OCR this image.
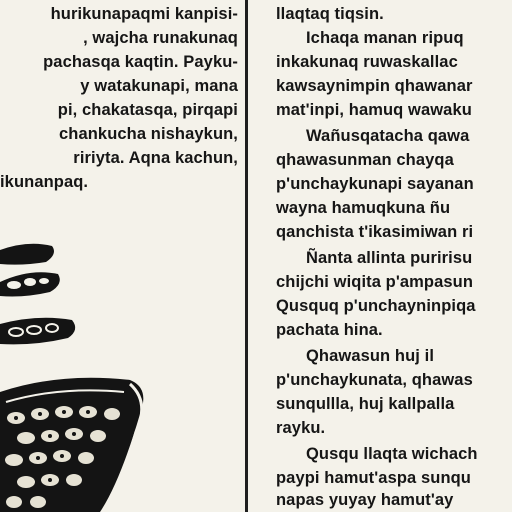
hurikunapaqmi kanpisi-
, wajcha runakunaq
pachasqa kaqtin. Payku-
y watakunapi, mana
pi, chakatasqa, pirqapi
chankucha nishaykun,
ririyta. Aqna kachun,
ikunanpaq.
llaqtaq tiqsin.
Ichaqa manan ripuq
inkakunaq ruwaskallac
kawsaynimpin qhawanar
mat'inpi, hamuq wawaku
Wañusqatacha qawa
qhawasunman chayqa
p'unchaykunapi sayanan
wayna hamuqkuna ñu
qanchista t'ikasimiwan ri
Ñanta allinta puririsu
chijchi wiqita p'ampasun
Qusquq p'unchayninpiqa
pachata hina.
Qhawasun huj il
p'unchaykunata, qhawas
sunqullla, huj kallpalla
rayku.
Qusqu llaqta wichach
paypi hamut'aspa sunqu
napas yuyay hamut'ay
